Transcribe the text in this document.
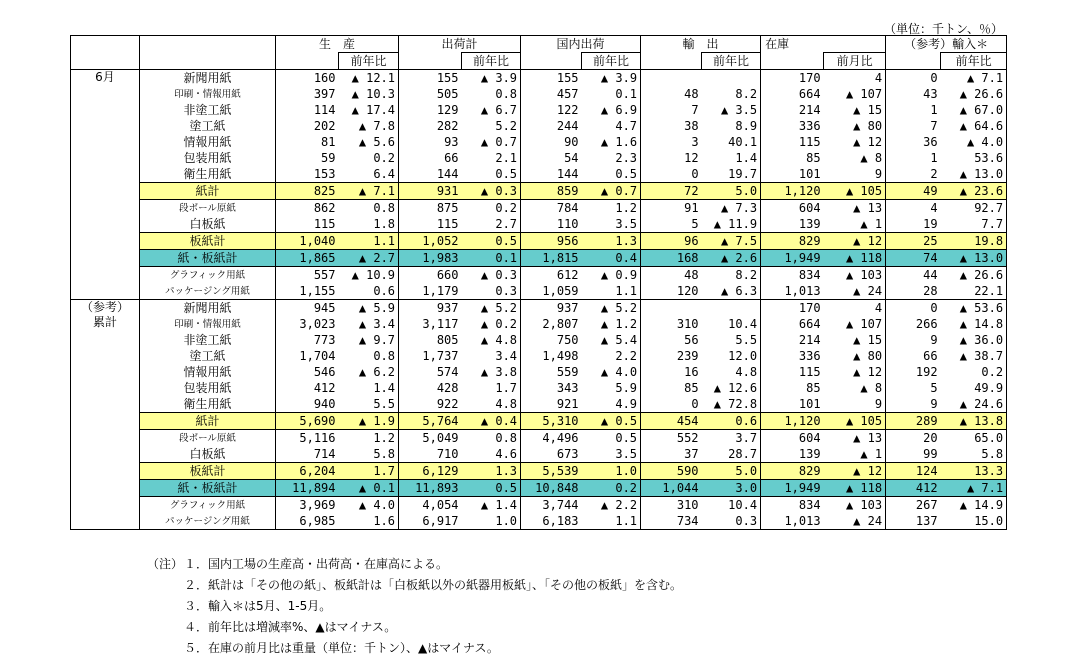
（単位：千トン、％）
		生　産		出荷計		国内出荷		輸　出		在庫		（参考）輸入＊	
			前年比		前年比		前年比		前年比		前月比		前年比

6月	新聞用紙	160	▲ 12.1	155	▲ 3.9	155	▲ 3.9			170	4	0	▲ 7.1
	印刷・情報用紙	397	▲ 10.3	505	0.8	457	0.1	48	8.2	664	▲ 107	43	▲ 26.6
	非塗工紙	114	▲ 17.4	129	▲ 6.7	122	▲ 6.9	7	▲ 3.5	214	▲ 15	1	▲ 67.0
	塗工紙	202	▲ 7.8	282	5.2	244	4.7	38	8.9	336	▲ 80	7	▲ 64.6
	情報用紙	81	▲ 5.6	93	▲ 0.7	90	▲ 1.6	3	40.1	115	▲ 12	36	▲ 4.0
	包装用紙	59	0.2	66	2.1	54	2.3	12	1.4	85	▲ 8	1	53.6
	衛生用紙	153	6.4	144	0.5	144	0.5	0	19.7	101	9	2	▲ 13.0
	紙計	825	▲ 7.1	931	▲ 0.3	859	▲ 0.7	72	5.0	1,120	▲ 105	49	▲ 23.6
	段ボール原紙	862	0.8	875	0.2	784	1.2	91	▲ 7.3	604	▲ 13	4	92.7
	白板紙	115	1.8	115	2.7	110	3.5	5	▲ 11.9	139	▲ 1	19	7.7
	板紙計	1,040	1.1	1,052	0.5	956	1.3	96	▲ 7.5	829	▲ 12	25	19.8
	紙・板紙計	1,865	▲ 2.7	1,983	0.1	1,815	0.4	168	▲ 2.6	1,949	▲ 118	74	▲ 13.0
	グラフィック用紙	557	▲ 10.9	660	▲ 0.3	612	▲ 0.9	48	8.2	834	▲ 103	44	▲ 26.6
	パッケージング用紙	1,155	0.6	1,179	0.3	1,059	1.1	120	▲ 6.3	1,013	▲ 24	28	22.1

（参考）
累計	新聞用紙	945	▲ 5.9	937	▲ 5.2	937	▲ 5.2			170	4	0	▲ 53.6
	印刷・情報用紙	3,023	▲ 3.4	3,117	▲ 0.2	2,807	▲ 1.2	310	10.4	664	▲ 107	266	▲ 14.8
	非塗工紙	773	▲ 9.7	805	▲ 4.8	750	▲ 5.4	56	5.5	214	▲ 15	9	▲ 36.0
	塗工紙	1,704	0.8	1,737	3.4	1,498	2.2	239	12.0	336	▲ 80	66	▲ 38.7
	情報用紙	546	▲ 6.2	574	▲ 3.8	559	▲ 4.0	16	4.8	115	▲ 12	192	0.2
	包装用紙	412	1.4	428	1.7	343	5.9	85	▲ 12.6	85	▲ 8	5	49.9
	衛生用紙	940	5.5	922	4.8	921	4.9	0	▲ 72.8	101	9	9	▲ 24.6
	紙計	5,690	▲ 1.9	5,764	▲ 0.4	5,310	▲ 0.5	454	0.6	1,120	▲ 105	289	▲ 13.8
	段ボール原紙	5,116	1.2	5,049	0.8	4,496	0.5	552	3.7	604	▲ 13	20	65.0
	白板紙	714	5.8	710	4.6	673	3.5	37	28.7	139	▲ 1	99	5.8
	板紙計	6,204	1.7	6,129	1.3	5,539	1.0	590	5.0	829	▲ 12	124	13.3
	紙・板紙計	11,894	▲ 0.1	11,893	0.5	10,848	0.2	1,044	3.0	1,949	▲ 118	412	▲ 7.1
	グラフィック用紙	3,969	▲ 4.0	4,054	▲ 1.4	3,744	▲ 2.2	310	10.4	834	▲ 103	267	▲ 14.9
	パッケージング用紙	6,985	1.6	6,917	1.0	6,183	1.1	734	0.3	1,013	▲ 24	137	15.0
（注）１．国内工場の生産高・出荷高・在庫高による。
２．紙計は「その他の紙」、板紙計は「白板紙以外の紙器用板紙」、「その他の板紙」を含む。
３．輸入＊は5月、1-5月。
４．前年比は増減率%、▲はマイナス。
５．在庫の前月比は重量（単位：千トン）、▲はマイナス。
